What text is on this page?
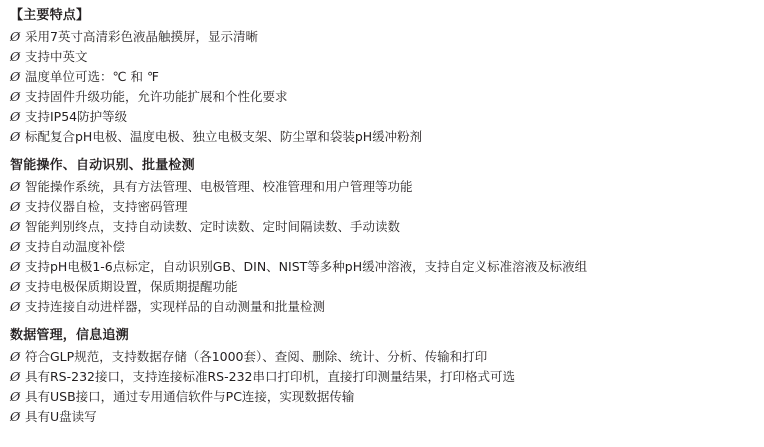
【主要特点】
Ø 采用7英寸高清彩色液晶触摸屏，显示清晰
Ø 支持中英文
Ø 温度单位可选：℃ 和 ℉
Ø 支持固件升级功能，允许功能扩展和个性化要求
Ø 支持IP54防护等级
Ø 标配复合pH电极、温度电极、独立电极支架、防尘罩和袋装pH缓冲粉剂
智能操作、自动识别、批量检测
Ø 智能操作系统，具有方法管理、电极管理、校准管理和用户管理等功能
Ø 支持仪器自检，支持密码管理
Ø 智能判别终点，支持自动读数、定时读数、定时间隔读数、手动读数
Ø 支持自动温度补偿
Ø 支持pH电极1-6点标定，自动识别GB、DIN、NIST等多种pH缓冲溶液，支持自定义标准溶液及标液组
Ø 支持电极保质期设置，保质期提醒功能
Ø 支持连接自动进样器，实现样品的自动测量和批量检测
数据管理，信息追溯
Ø 符合GLP规范，支持数据存储（各1000套）、查阅、删除、统计、分析、传输和打印
Ø 具有RS-232接口，支持连接标准RS-232串口打印机，直接打印测量结果，打印格式可选
Ø 具有USB接口，通过专用通信软件与PC连接，实现数据传输
Ø 具有U盘读写
